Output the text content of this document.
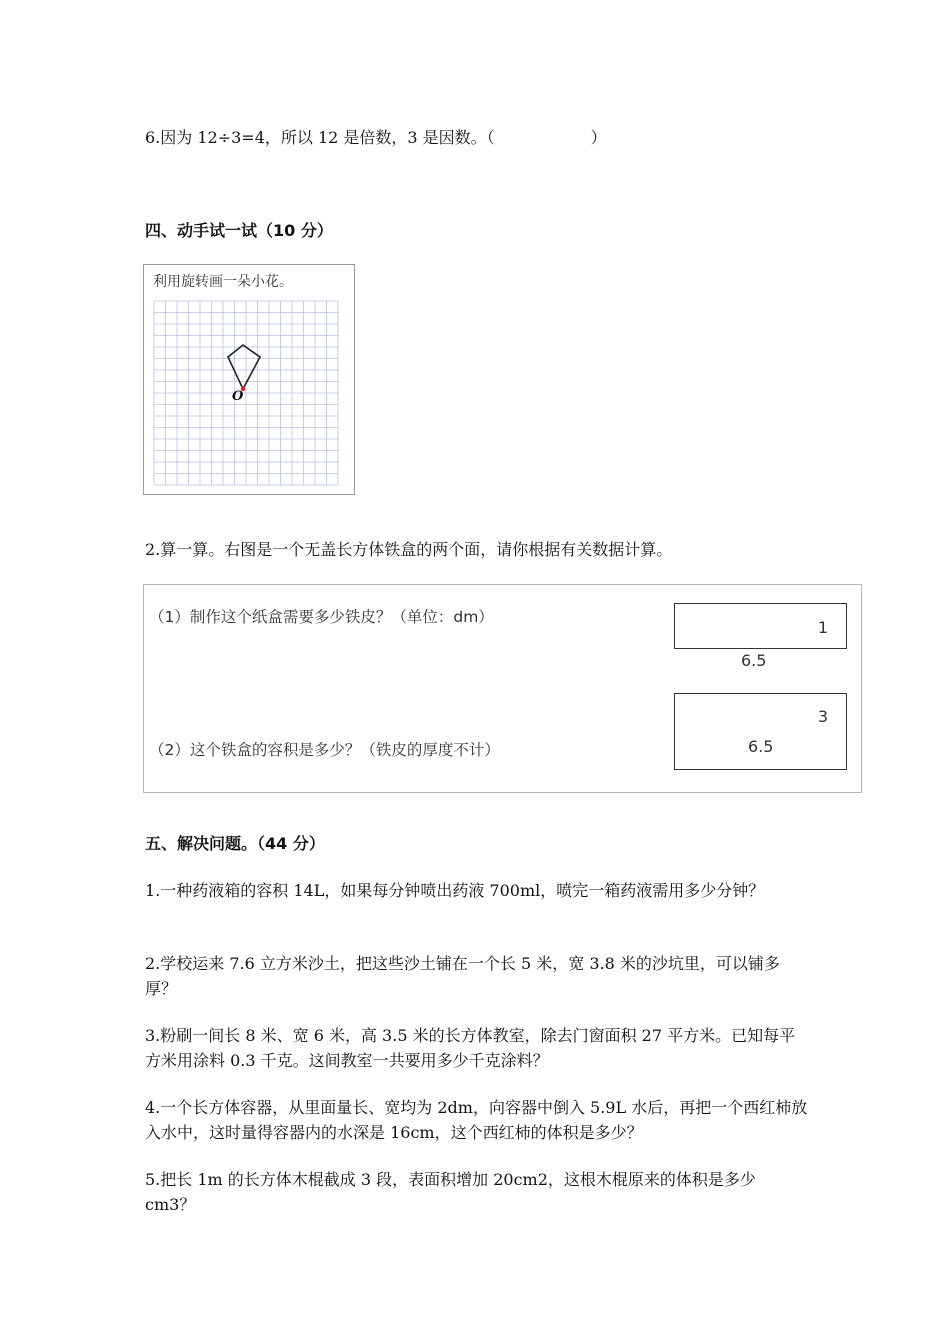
6.因为 12÷3=4，所以 12 是倍数，3 是因数。（　　　　　　）
四、动手试一试（10 分）
利用旋转画一朵小花。
O
2.算一算。右图是一个无盖长方体铁盒的两个面，请你根据有关数据计算。
（1）制作这个纸盒需要多少铁皮？（单位：dm）
（2）这个铁盒的容积是多少？（铁皮的厚度不计）
1
6.5
3
6.5
五、解决问题。（44 分）
1.一种药液箱的容积 14L，如果每分钟喷出药液 700ml，喷完一箱药液需用多少分钟？
2.学校运来 7.6 立方米沙土，把这些沙土铺在一个长 5 米，宽 3.8 米的沙坑里，可以铺多厚？
3.粉刷一间长 8 米、宽 6 米，高 3.5 米的长方体教室，除去门窗面积 27 平方米。已知每平方米用涂料 0.3 千克。这间教室一共要用多少千克涂料？
4.一个长方体容器，从里面量长、宽均为 2dm，向容器中倒入 5.9L 水后，再把一个西红柿放入水中，这时量得容器内的水深是 16cm，这个西红柿的体积是多少？
5.把长 1m 的长方体木棍截成 3 段，表面积增加 20cm2，这根木棍原来的体积是多少 cm3？
